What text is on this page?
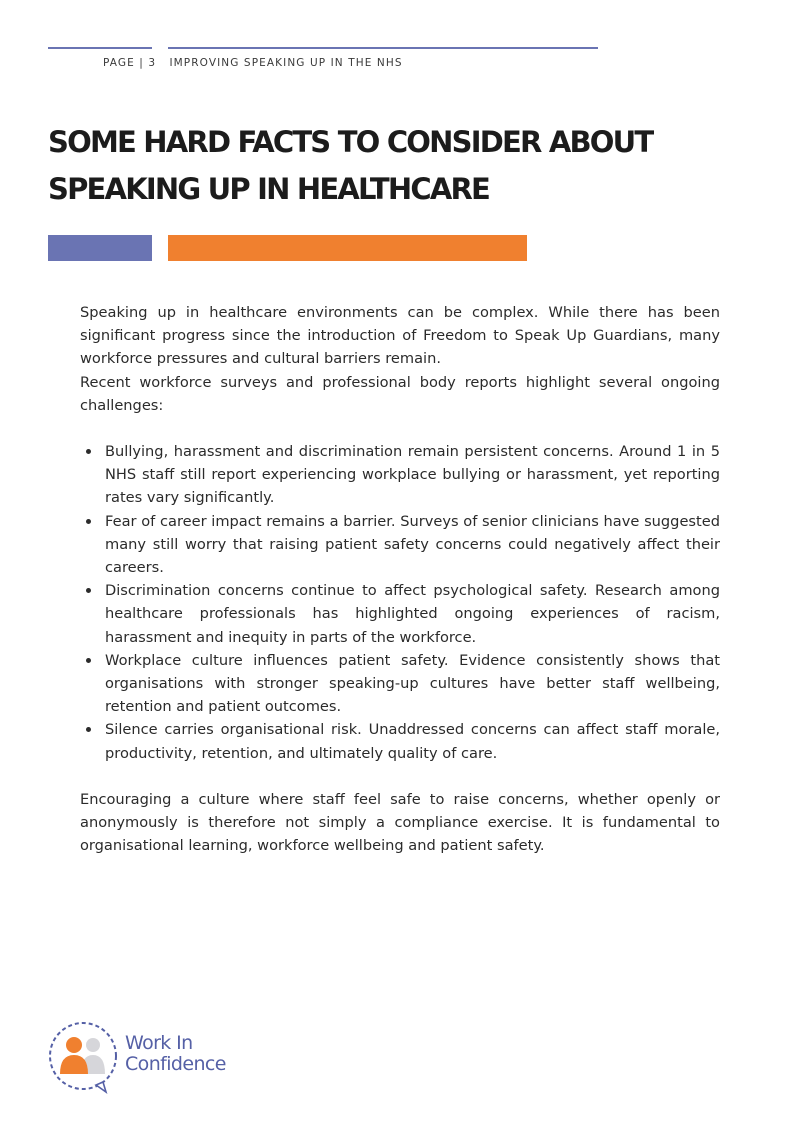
PAGE | 3 IMPROVING SPEAKING UP IN THE NHS
SOME HARD FACTS TO CONSIDER ABOUT
SPEAKING UP IN HEALTHCARE

Speaking up in healthcare environments can be complex. While there has been significant progress since the introduction of Freedom to Speak Up Guardians, many workforce pressures and cultural barriers remain.

Recent workforce surveys and professional body reports highlight several ongoing challenges:

Bullying, harassment and discrimination remain persistent concerns. Around 1 in 5 NHS staff still report experiencing workplace bullying or harassment, yet reporting rates vary significantly.
Fear of career impact remains a barrier. Surveys of senior clinicians have suggested many still worry that raising patient safety concerns could negatively affect their careers.
Discrimination concerns continue to affect psychological safety. Research among healthcare professionals has highlighted ongoing experiences of racism, harassment and inequity in parts of the workforce.
Workplace culture influences patient safety. Evidence consistently shows that organisations with stronger speaking-up cultures have better staff wellbeing, retention and patient outcomes.
Silence carries organisational risk. Unaddressed concerns can affect staff morale, productivity, retention, and ultimately quality of care.

Encouraging a culture where staff feel safe to raise concerns, whether openly or anonymously is therefore not simply a compliance exercise. It is fundamental to organisational learning, workforce wellbeing and patient safety.

Work In
Confidence
